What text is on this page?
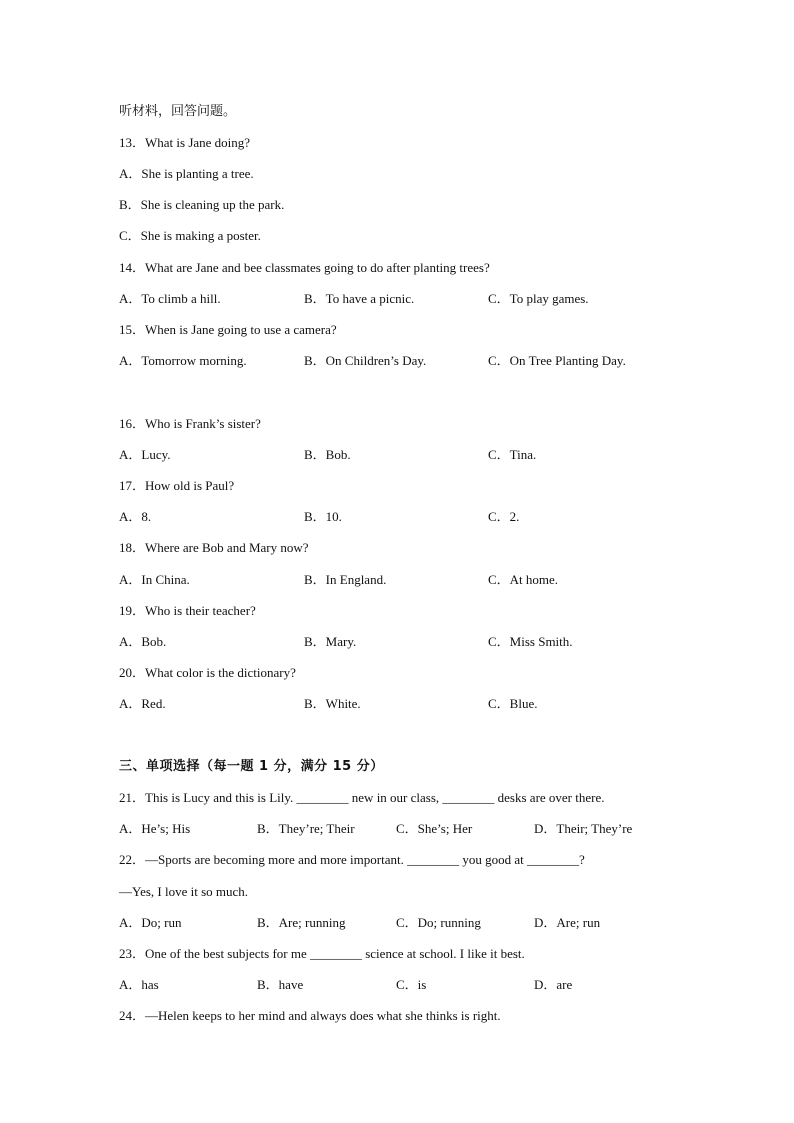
听材料，回答问题。
13．What is Jane doing?
A．She is planting a tree.
B．She is cleaning up the park.
C．She is making a poster.
14．What are Jane and bee classmates going to do after planting trees?
A．To climb a hill.	B．To have a picnic.	C．To play games.
15．When is Jane going to use a camera?
A．Tomorrow morning.	B．On Children’s Day.	C．On Tree Planting Day.
16．Who is Frank’s sister?
A．Lucy.	B．Bob.	C．Tina.
17．How old is Paul?
A．8.	B．10.	C．2.
18．Where are Bob and Mary now?
A．In China.	B．In England.	C．At home.
19．Who is their teacher?
A．Bob.	B．Mary.	C．Miss Smith.
20．What color is the dictionary?
A．Red.	B．White.	C．Blue.
三、单项选择（每一题 1 分，满分 15 分）
21．This is Lucy and this is Lily. ________ new in our class, ________ desks are over there.
A．He’s; His	B．They’re; Their	C．She’s; Her	D．Their; They’re
22．—Sports are becoming more and more important. ________ you good at ________?
—Yes, I love it so much.
A．Do; run	B．Are; running	C．Do; running	D．Are; run
23．One of the best subjects for me ________ science at school. I like it best.
A．has	B．have	C．is	D．are
24．—Helen keeps to her mind and always does what she thinks is right.
